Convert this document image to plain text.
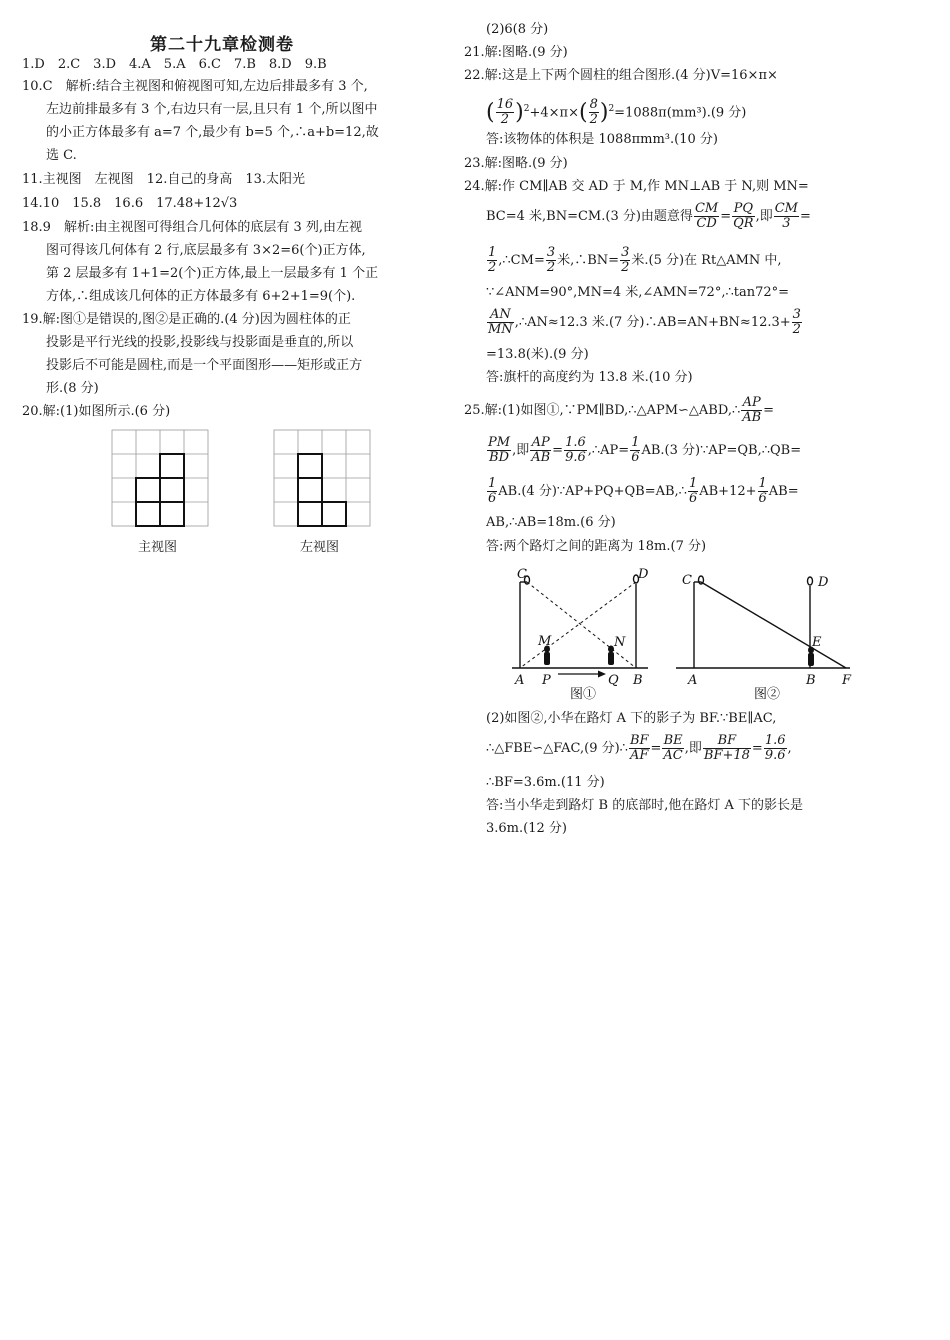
第二十九章检测卷
1.D　2.C　3.D　4.A　5.A　6.C　7.B　8.D　9.B
10.C　解析:结合主视图和俯视图可知,左边后排最多有 3 个,
左边前排最多有 3 个,右边只有一层,且只有 1 个,所以图中
的小正方体最多有 a=7 个,最少有 b=5 个,∴a+b=12,故
选 C.
11.主视图　左视图　12.自己的身高　13.太阳光
14.10　15.8　16.6　17.48+12√3
18.9　解析:由主视图可得组合几何体的底层有 3 列,由左视
图可得该几何体有 2 行,底层最多有 3×2=6(个)正方体,
第 2 层最多有 1+1=2(个)正方体,最上一层最多有 1 个正
方体,∴组成该几何体的正方体最多有 6+2+1=9(个).
19.解:图①是错误的,图②是正确的.(4 分)因为圆柱体的正
投影是平行光线的投影,投影线与投影面是垂直的,所以
投影后不可能是圆柱,而是一个平面图形——矩形或正方
形.(8 分)
20.解:(1)如图所示.(6 分)
主视图	左视图
(2)6(8 分)
21.解:图略.(9 分)
22.解:这是上下两个圆柱的组合图形.(4 分)V=16×π×
( $\frac{16}{2} )^2+4\times\pi\times( \frac{8}{2} )^2=1088\pi(mm^3).(9$ 分)
答:该物体的体积是 1088πmm³.(10 分)
23.解:图略.(9 分)
24.解:作 CM∥AB 交 AD 于 M,作 MN⊥AB 于 N,则 MN=
BC=4 米,BN=CM.(3 分)由题意得 $\frac{CM}{CD} = \frac{PQ}{QR}$ ,即 $\frac{CM}{3}$ =
$\frac{1}{2}$ ,∴CM= $\frac{3}{2}$ 米,∴BN= $\frac{3}{2}$ 米.(5 分)在 Rt△AMN 中,
∵∠ANM=90°,MN=4 米,∠AMN=72°,∴tan72°=
$\frac{AN}{MN}$ ,∴AN≈12.3 米.(7 分)∴AB=AN+BN≈12.3+ $\frac{3}{2}$
=13.8(米).(9 分)
答:旗杆的高度约为 13.8 米.(10 分)
25.解:(1)如图①,∵PM∥BD,∴△APM∽△ABD,∴ $\frac{AP}{AB}$ =
$\frac{PM}{BD}$ ,即 $\frac{AP}{AB} = \frac{1.6}{9.6}$ ,∴AP= $\frac{1}{6} AB.(3$ 分)∵AP=QB,∴QB=
$\frac{1}{6} AB.(4$ 分)∵AP+PQ+QB=AB,∴ $\frac{1}{6} AB+12+ \frac{1}{6} AB=$
AB,∴AB=18m.(6 分)
答:两个路灯之间的距离为 18m.(7 分)
C	D
M	N
A P	Q B
图①
C	D
E
A	B F
图②
(2)如图②,小华在路灯 A 下的影子为 BF.∵BE∥AC,
∴△FBE∽△FAC,(9 分)∴ $\frac{BF}{AF} = \frac{BE}{AC}$ ,即 $\frac{BF}{BF+18} = \frac{1.6}{9.6}$ ,
∴BF=3.6m.(11 分)
答:当小华走到路灯 B 的底部时,他在路灯 A 下的影长是
3.6m.(12 分)
